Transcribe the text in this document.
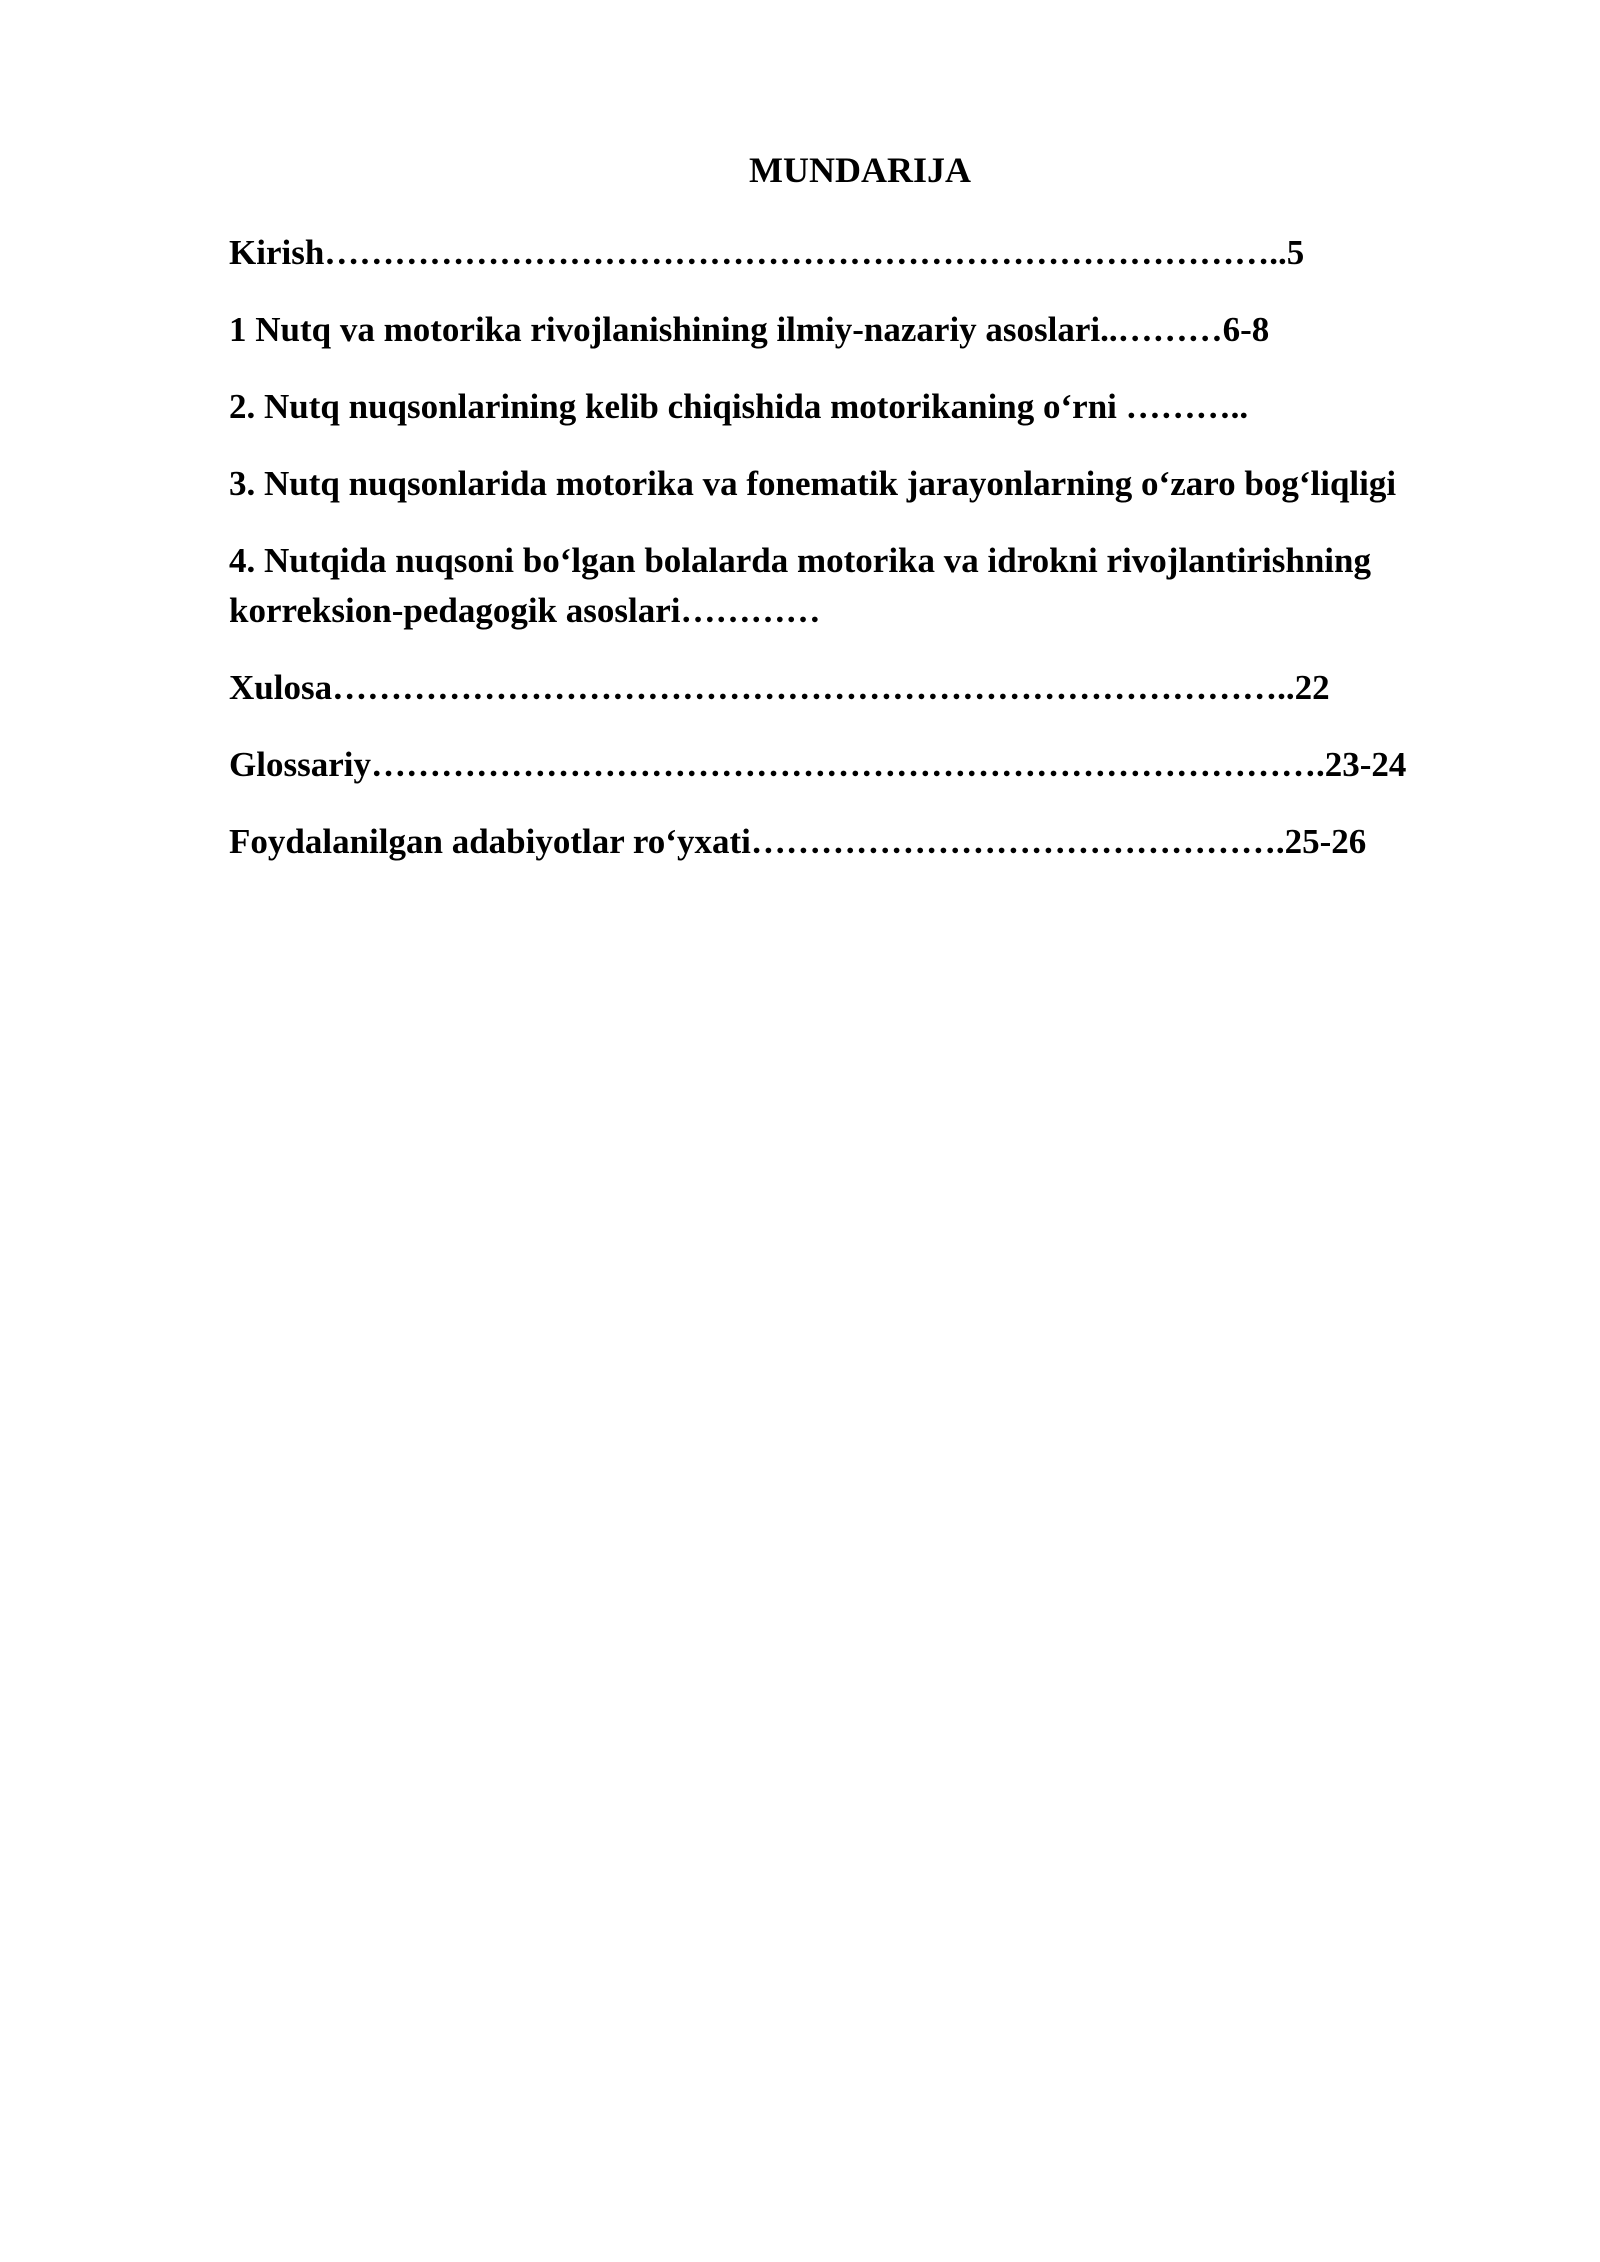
MUNDARIJA
Kirish………………………………………………………………………..5
1 Nutq va motorika rivojlanishining ilmiy-nazariy asoslari..………6-8
2. Nutq nuqsonlarining kelib chiqishida motorikaning o‘rni ………..
3. Nutq nuqsonlarida motorika va fonematik jarayonlarning o‘zaro bog‘liqligi
4. Nutqida nuqsoni bo‘lgan bolalarda motorika va idrokni rivojlantirishning
korreksion-pedagogik asoslari…………
Xulosa………………………………………………………………………..22
Glossariy……………………………………………………………………….23-24
Foydalanilgan adabiyotlar ro‘yxati……………………………………….25-26
